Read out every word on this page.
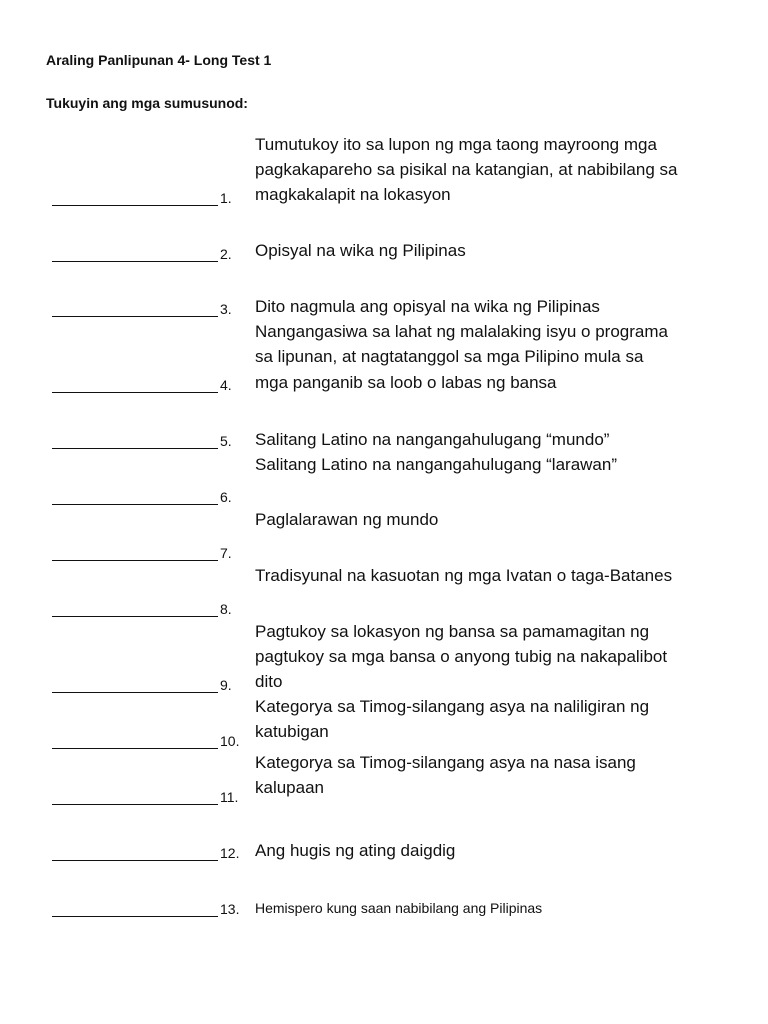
Araling Panlipunan 4- Long Test 1
Tukuyin ang mga sumusunod:
1.
2.
3.
4.
5.
6.
7.
8.
9.
10.
11.
12.
13.
Tumutukoy ito sa lupon ng mga taong mayroong mga
pagkakapareho sa pisikal na katangian, at nabibilang sa
magkakalapit na lokasyon
Opisyal na wika ng Pilipinas
Dito nagmula ang opisyal na wika ng Pilipinas
Nangangasiwa sa lahat ng malalaking isyu o programa
sa lipunan, at nagtatanggol sa mga Pilipino mula sa
mga panganib sa loob o labas ng bansa
Salitang Latino na nangangahulugang “mundo”
Salitang Latino na nangangahulugang “larawan”
Paglalarawan ng mundo
Tradisyunal na kasuotan ng mga Ivatan o taga-Batanes
Pagtukoy sa lokasyon ng bansa sa pamamagitan ng
pagtukoy sa mga bansa o anyong tubig na nakapalibot
dito
Kategorya sa Timog-silangang asya na naliligiran ng
katubigan
Kategorya sa Timog-silangang asya na nasa isang
kalupaan
Ang hugis ng ating daigdig
Hemispero kung saan nabibilang ang Pilipinas
